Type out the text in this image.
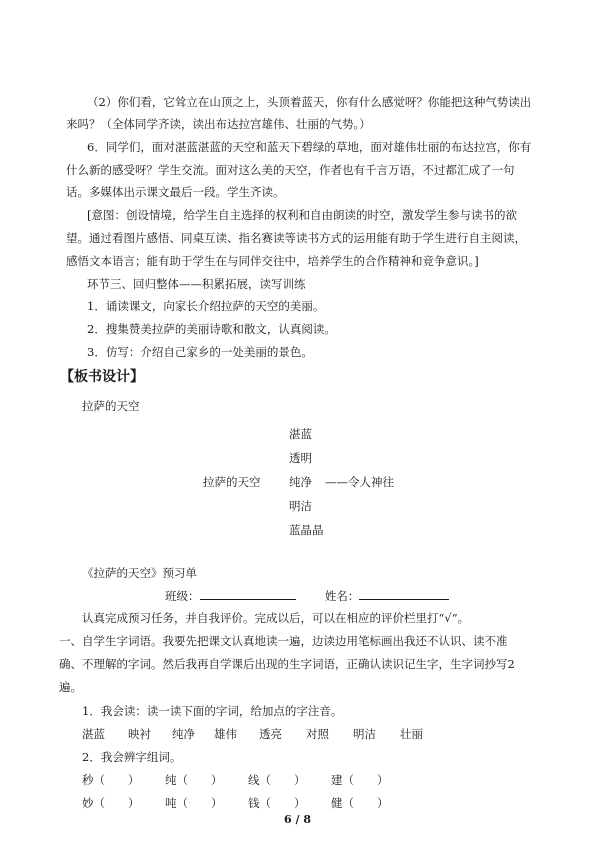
（2）你们看，它耸立在山顶之上，头顶着蓝天，你有什么感觉呀？你能把这种气势读出
来吗？（全体同学齐读，读出布达拉宫雄伟、壮丽的气势。）
6．同学们，面对湛蓝湛蓝的天空和蓝天下碧绿的草地，面对雄伟壮丽的布达拉宫，你有
什么新的感受呀？学生交流。面对这么美的天空，作者也有千言万语，不过都汇成了一句
话。多媒体出示课文最后一段。学生齐读。
[意图：创设情境，给学生自主选择的权利和自由朗读的时空，激发学生参与读书的欲
望。通过看图片感悟、同桌互读、指名赛读等读书方式的运用能有助于学生进行自主阅读，
感悟文本语言；能有助于学生在与同伴交往中，培养学生的合作精神和竞争意识。]
环节三、回归整体——积累拓展，读写训练
1．诵读课文，向家长介绍拉萨的天空的美丽。
2．搜集赞美拉萨的美丽诗歌和散文，认真阅读。
3．仿写：介绍自己家乡的一处美丽的景色。
【板书设计】
拉萨的天空
湛蓝
透明
拉萨的天空 纯净 ——令人神往
明洁
蓝晶晶
《拉萨的天空》预习单
班级：	姓名：
认真完成预习任务，并自我评价。完成以后，可以在相应的评价栏里打“√”。
一、自学生字词语。我要先把课文认真地读一遍，边读边用笔标画出我还不认识、读不准
确、不理解的字词。然后我再自学课后出现的生字词语，正确认读识记生字，生字词抄写2
遍。
1．我会读：读一读下面的字词，给加点的字注音。
湛蓝 映衬 纯净 雄伟 透亮 对照 明洁 壮丽
2．我会辨字组词。
秒（　　） 纯（　　） 线（　　） 建（　　）
妙（　　） 吨（　　） 钱（　　） 健（　　）
6 / 8
